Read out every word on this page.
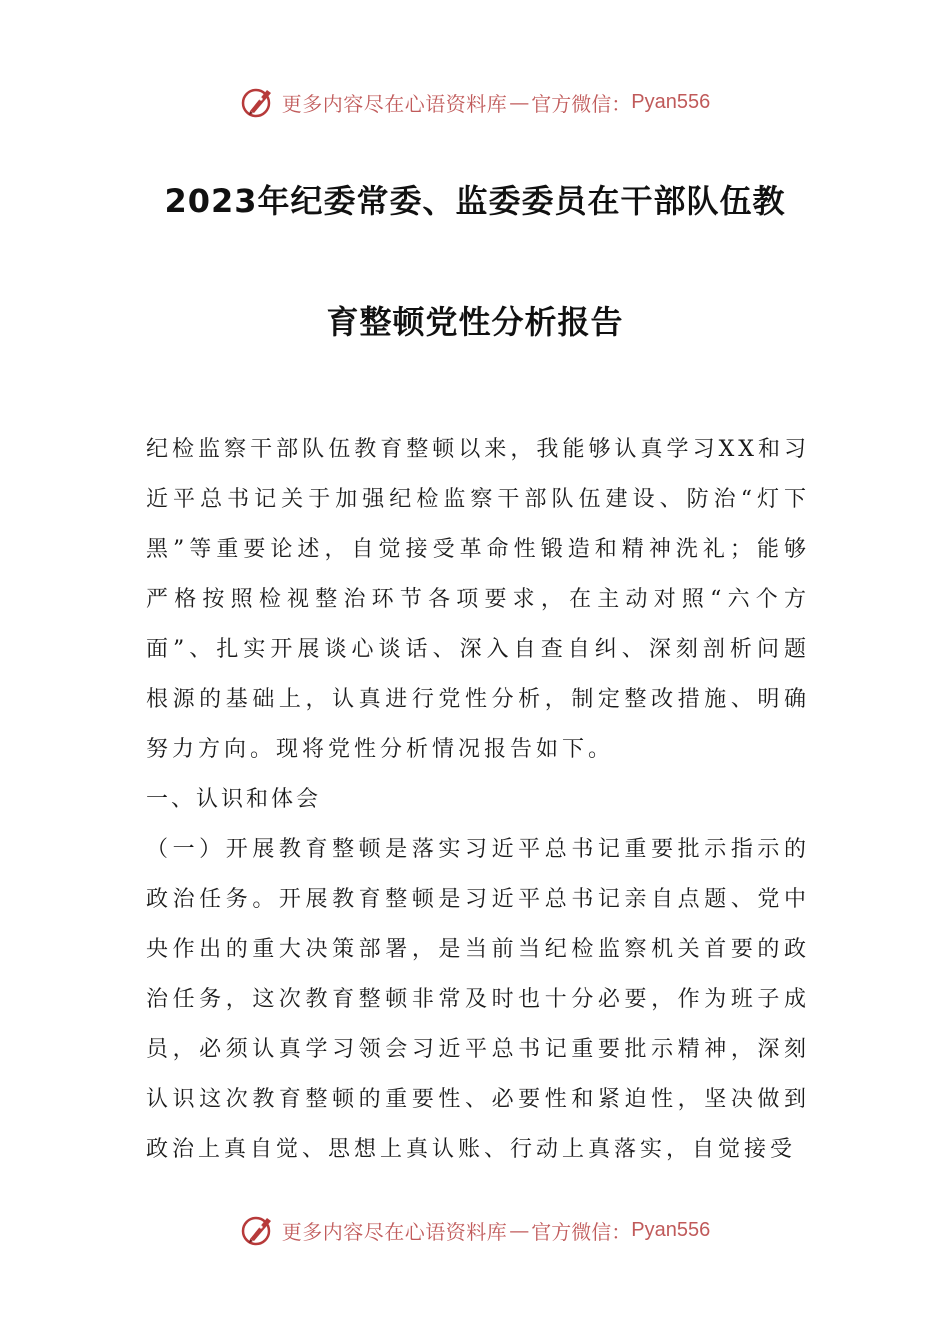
更多内容尽在心语资料库 — 官方微信： Pyan556
2023年纪委常委、监委委员在干部队伍教
育整顿党性分析报告

纪检监察干部队伍教育整顿以来，我能够认真学习XX和习近平总书记关于加强纪检监察干部队伍建设、防治“灯下黑”等重要论述，自觉接受革命性锻造和精神洗礼；能够严格按照检视整治环节各项要求，在主动对照“六个方面”、扎实开展谈心谈话、深入自查自纠、深刻剖析问题根源的基础上，认真进行党性分析，制定整改措施、明确努力方向。现将党性分析情况报告如下。

一、认识和体会

（一）开展教育整顿是落实习近平总书记重要批示指示的政治任务。开展教育整顿是习近平总书记亲自点题、党中央作出的重大决策部署，是当前当纪检监察机关首要的政治任务，这次教育整顿非常及时也十分必要，作为班子成员，必须认真学习领会习近平总书记重要批示精神，深刻认识这次教育整顿的重要性、必要性和紧迫性，坚决做到政治上真自觉、思想上真认账、行动上真落实，自觉接受

更多内容尽在心语资料库 — 官方微信： Pyan556
